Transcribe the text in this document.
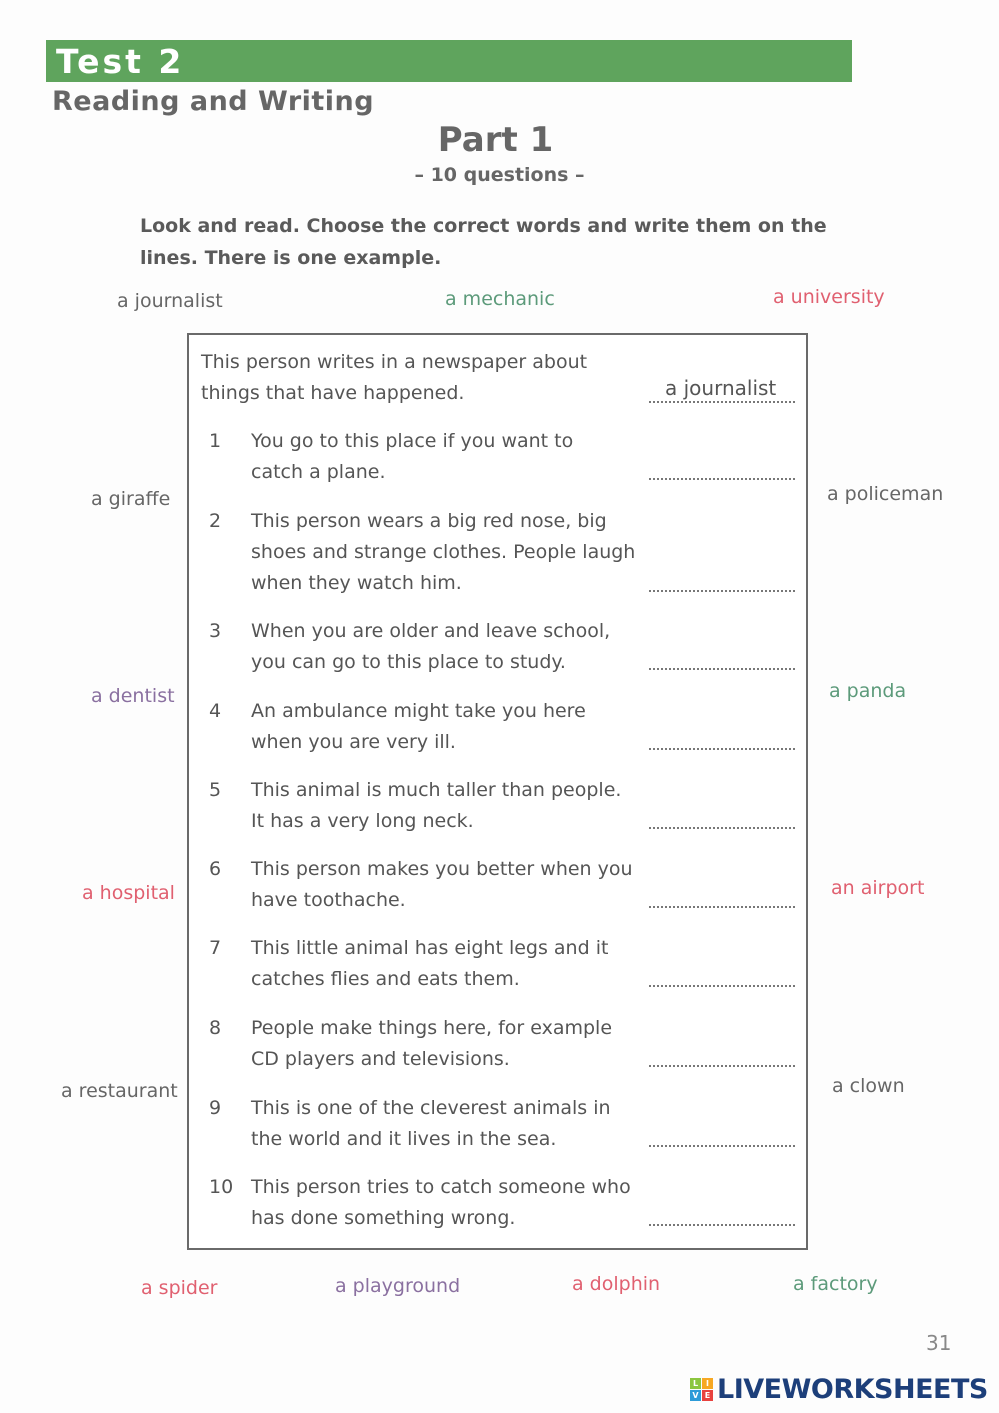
Test 2
Reading and Writing
Part 1
– 10 questions –
Look and read. Choose the correct words and write them on the lines. There is one example.
a journalist	a mechanic	a university
a giraffe
a dentist
a hospital
a restaurant
a policeman
a panda
an airport
a clown
This person writes in a newspaper about
things that have happened.	a journalist
1 You go to this place if you want to
catch a plane.
2 This person wears a big red nose, big
shoes and strange clothes. People laugh
when they watch him.
3 When you are older and leave school,
you can go to this place to study.
4 An ambulance might take you here
when you are very ill.
5 This animal is much taller than people.
It has a very long neck.
6 This person makes you better when you
have toothache.
7 This little animal has eight legs and it
catches flies and eats them.
8 People make things here, for example
CD players and televisions.
9 This is one of the cleverest animals in
the world and it lives in the sea.
10 This person tries to catch someone who
has done something wrong.
a spider	a playground	a dolphin	a factory
31
L I
V E LIVEWORKSHEETS
